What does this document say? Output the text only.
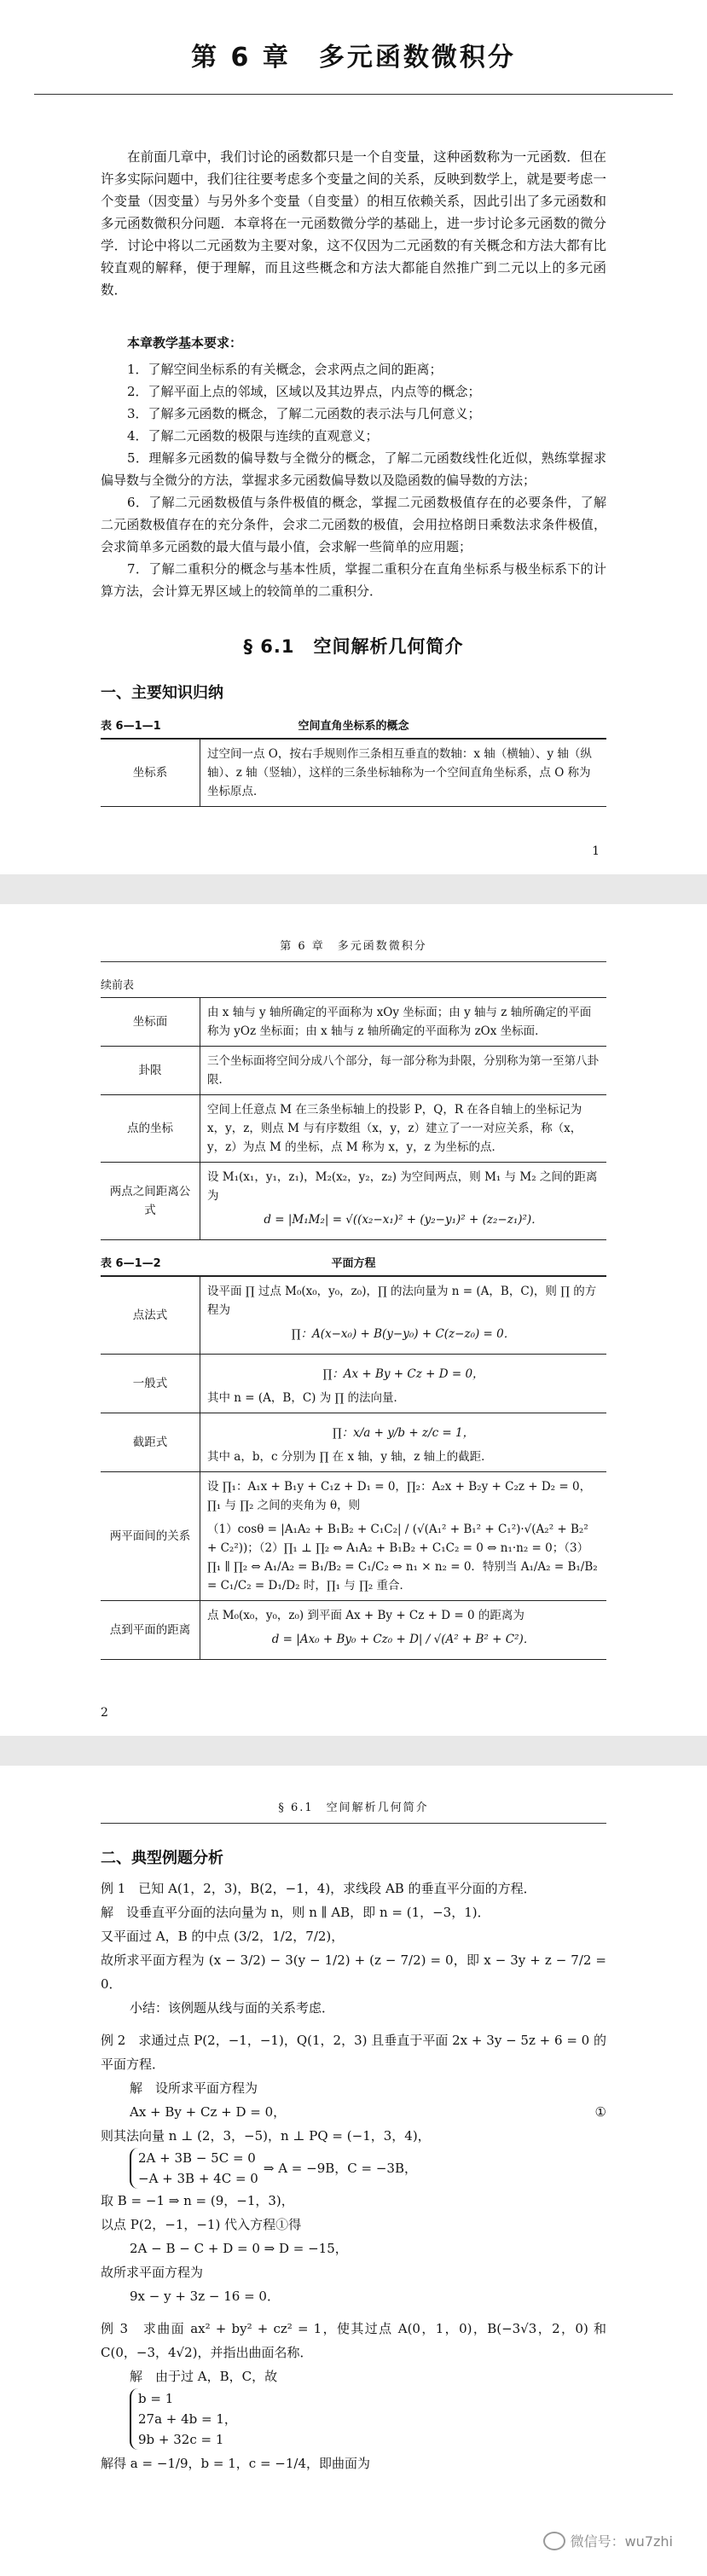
第 6 章　多元函数微积分

在前面几章中，我们讨论的函数都只是一个自变量，这种函数称为一元函数．但在许多实际问题中，我们往往要考虑多个变量之间的关系，反映到数学上，就是要考虑一个变量（因变量）与另外多个变量（自变量）的相互依赖关系，因此引出了多元函数和多元函数微积分问题．本章将在一元函数微分学的基础上，进一步讨论多元函数的微分学．讨论中将以二元函数为主要对象，这不仅因为二元函数的有关概念和方法大都有比较直观的解释，便于理解，而且这些概念和方法大都能自然推广到二元以上的多元函数．

本章教学基本要求：
1．了解空间坐标系的有关概念，会求两点之间的距离；
2．了解平面上点的邻域，区域以及其边界点，内点等的概念；
3．了解多元函数的概念，了解二元函数的表示法与几何意义；
4．了解二元函数的极限与连续的直观意义；
5．理解多元函数的偏导数与全微分的概念，了解二元函数线性化近似，熟练掌握求偏导数与全微分的方法，掌握求多元函数偏导数以及隐函数的偏导数的方法；
6．了解二元函数极值与条件极值的概念，掌握二元函数极值存在的必要条件，了解二元函数极值存在的充分条件，会求二元函数的极值，会用拉格朗日乘数法求条件极值，会求简单多元函数的最大值与最小值，会求解一些简单的应用题；
7．了解二重积分的概念与基本性质，掌握二重积分在直角坐标系与极坐标系下的计算方法，会计算无界区域上的较简单的二重积分．
§ 6.1　空间解析几何简介
一、主要知识归纳
表 6—1—1	空间直角坐标系的概念
坐标系	过空间一点 O，按右手规则作三条相互垂直的数轴：x 轴（横轴）、y 轴（纵轴）、z 轴（竖轴），这样的三条坐标轴称为一个空间直角坐标系，点 O 称为坐标原点．
1
第 6 章　多元函数微积分
续前表
坐标面	由 x 轴与 y 轴所确定的平面称为 xOy 坐标面；由 y 轴与 z 轴所确定的平面称为 yOz 坐标面；由 x 轴与 z 轴所确定的平面称为 zOx 坐标面．
卦限	三个坐标面将空间分成八个部分，每一部分称为卦限，分别称为第一至第八卦限．
点的坐标	空间上任意点 M 在三条坐标轴上的投影 P，Q，R 在各自轴上的坐标记为 x，y，z，则点 M 与有序数组（x，y，z）建立了一一对应关系，称（x，y，z）为点 M 的坐标，点 M 称为 x，y，z 为坐标的点．
两点之间距离公式	设 M₁(x₁，y₁，z₁)，M₂(x₂，y₂，z₂) 为空间两点，则 M₁ 与 M₂ 之间的距离为
d = |M₁M₂| = √((x₂−x₁)² + (y₂−y₁)² + (z₂−z₁)²)．
表 6—1—2	平面方程
点法式	设平面 ∏ 过点 M₀(x₀，y₀，z₀)，∏ 的法向量为 n = (A，B，C)，则 ∏ 的方程为
∏：A(x−x₀) + B(y−y₀) + C(z−z₀) = 0．

一般式	∏：Ax + By + Cz + D = 0，
其中 n = (A，B，C) 为 ∏ 的法向量．

截距式	∏：x/a + y/b + z/c = 1，
其中 a，b，c 分别为 ∏ 在 x 轴，y 轴，z 轴上的截距．

两平面间的关系	设 ∏₁：A₁x + B₁y + C₁z + D₁ = 0，∏₂：A₂x + B₂y + C₂z + D₂ = 0，∏₁ 与 ∏₂ 之间的夹角为 θ，则
（1）cosθ = |A₁A₂ + B₁B₂ + C₁C₂| / (√(A₁² + B₁² + C₁²)·√(A₂² + B₂² + C₂²))；（2）∏₁ ⊥ ∏₂ ⇔ A₁A₂ + B₁B₂ + C₁C₂ = 0 ⇔ n₁·n₂ = 0；（3）∏₁ ∥ ∏₂ ⇔ A₁/A₂ = B₁/B₂ = C₁/C₂ ⇔ n₁ × n₂ = 0．特别当 A₁/A₂ = B₁/B₂ = C₁/C₂ = D₁/D₂ 时，∏₁ 与 ∏₂ 重合．

点到平面的距离	点 M₀(x₀，y₀，z₀) 到平面 Ax + By + Cz + D = 0 的距离为
d = |Ax₀ + By₀ + Cz₀ + D| / √(A² + B² + C²)．
2
§ 6.1　空间解析几何简介
二、典型例题分析
例 1　已知 A(1，2，3)，B(2，−1，4)，求线段 AB 的垂直平分面的方程．
解　设垂直平分面的法向量为 n，则 n ∥ AB，即 n = (1，−3，1)．
又平面过 A，B 的中点 (3/2，1/2，7/2)，
故所求平面方程为 (x − 3/2) − 3(y − 1/2) + (z − 7/2) = 0，即 x − 3y + z − 7/2 = 0．
小结：该例题从线与面的关系考虑．
例 2　求通过点 P(2，−1，−1)，Q(1，2，3) 且垂直于平面 2x + 3y − 5z + 6 = 0 的平面方程．
解　设所求平面方程为
Ax + By + Cz + D = 0，	①
则其法向量 n ⊥ (2，3，−5)，n ⊥ PQ = (−1，3，4)，
2A + 3B − 5C = 0
−A + 3B + 4C = 0
⇒ A = −9B，C = −3B，
取 B = −1 ⇒ n = (9，−1，3)，
以点 P(2，−1，−1) 代入方程①得
2A − B − C + D = 0 ⇒ D = −15，
故所求平面方程为
9x − y + 3z − 16 = 0．
例 3　求曲面 ax² + by² + cz² = 1，使其过点 A(0，1，0)，B(−3√3，2，0) 和 C(0，−3，4√2)，并指出曲面名称．
解　由于过 A，B，C，故
b = 1
27a + 4b = 1，
9b + 32c = 1
解得 a = −1/9，b = 1，c = −1/4，即曲面为
微信号：wu7zhi
